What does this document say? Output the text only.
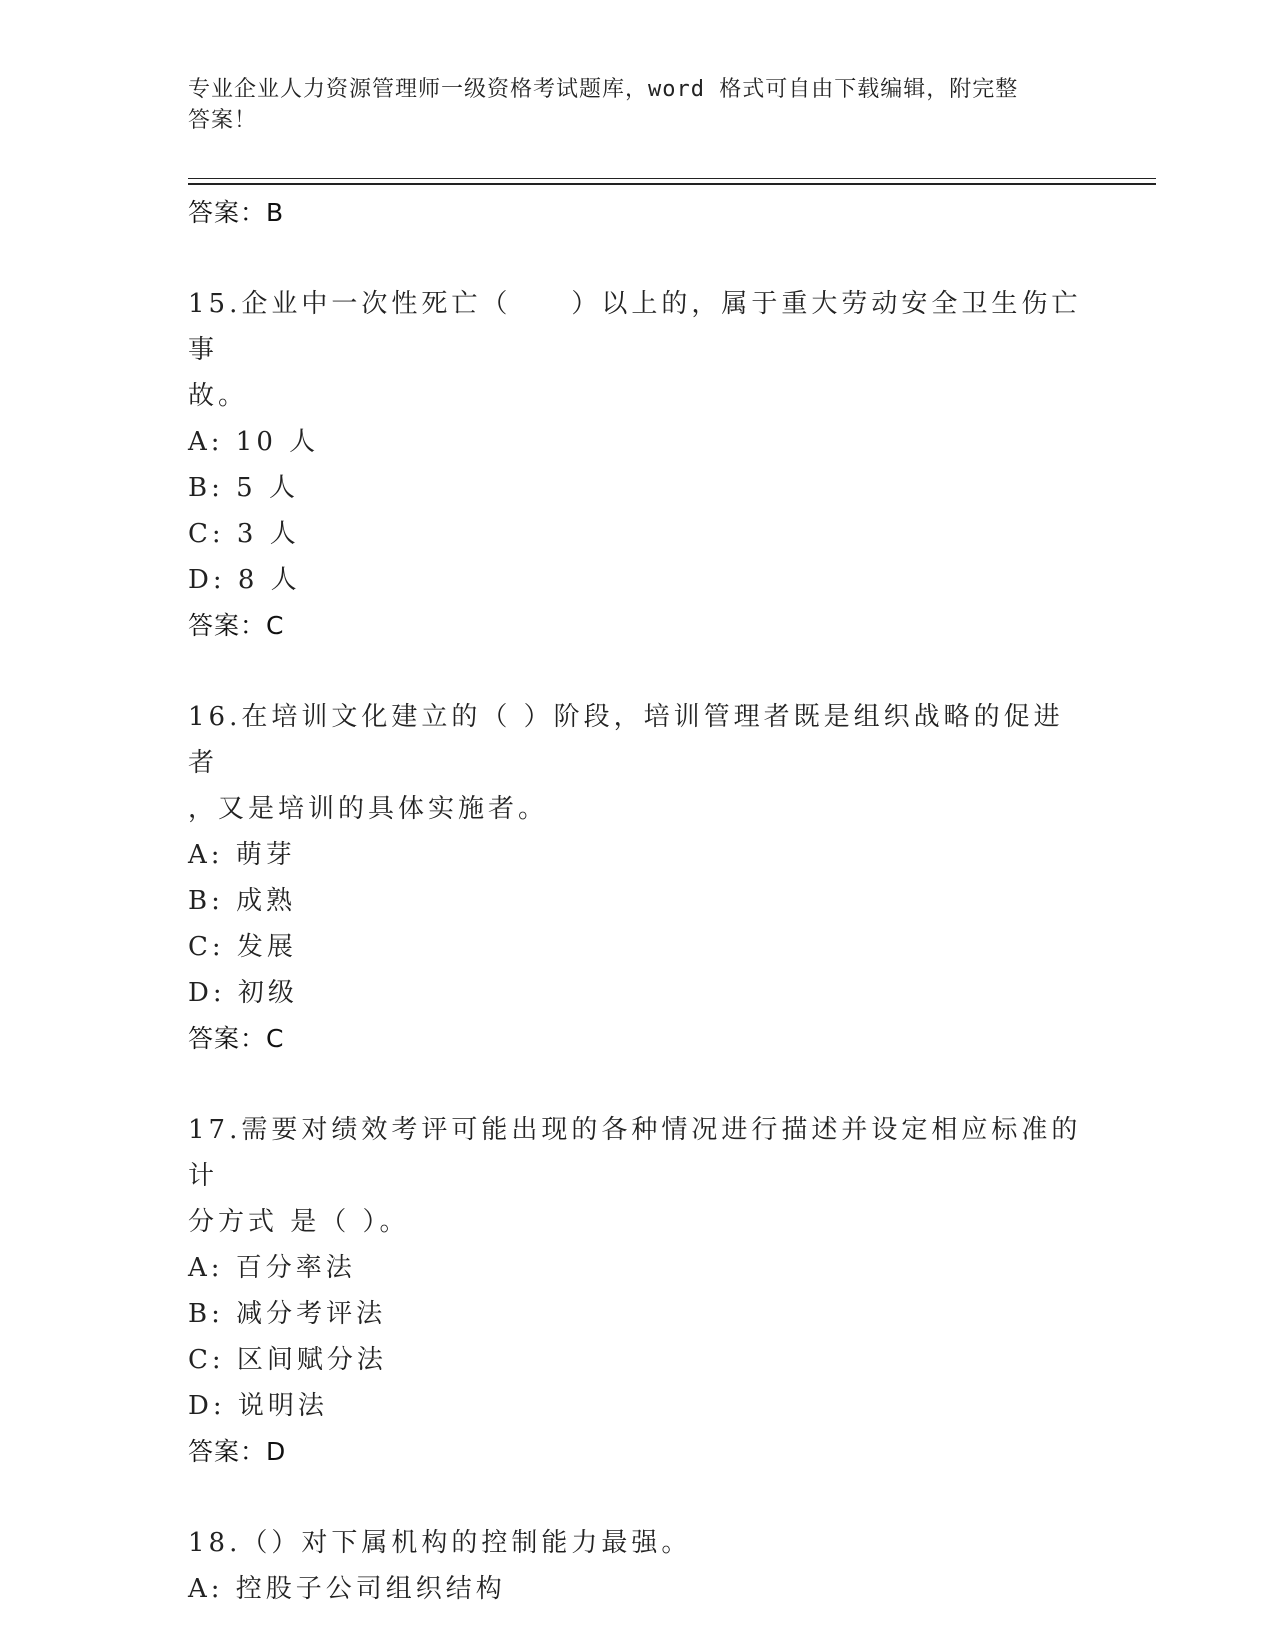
专业企业人力资源管理师一级资格考试题库，word 格式可自由下载编辑，附完整
答案！
答案：B
15.企业中一次性死亡（　　）以上的，属于重大劳动安全卫生伤亡事
故。
A: 10 人
B: 5 人
C: 3 人
D: 8 人
答案：C
16.在培训文化建立的（ ）阶段，培训管理者既是组织战略的促进者
，又是培训的具体实施者。
A: 萌芽
B: 成熟
C: 发展
D: 初级
答案：C
17.需要对绩效考评可能出现的各种情况进行描述并设定相应标准的计
分方式 是（ ）。
A: 百分率法
B: 减分考评法
C: 区间赋分法
D: 说明法
答案：D
18.（）对下属机构的控制能力最强。
A: 控股子公司组织结构
